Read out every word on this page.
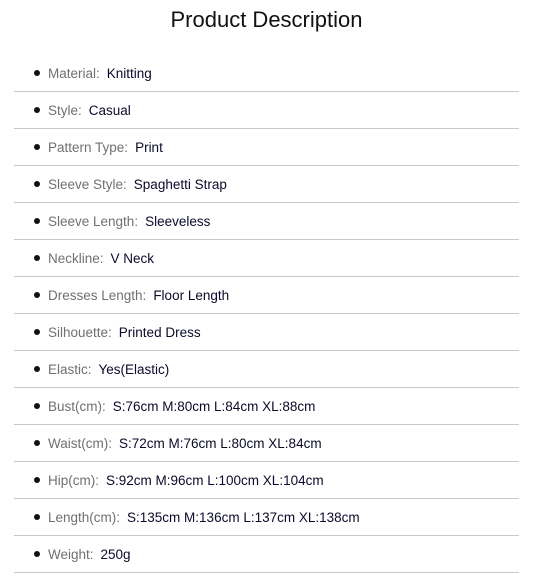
Product Description
Material: Knitting
Style: Casual
Pattern Type: Print
Sleeve Style: Spaghetti Strap
Sleeve Length: Sleeveless
Neckline: V Neck
Dresses Length: Floor Length
Silhouette: Printed Dress
Elastic: Yes(Elastic)
Bust(cm): S:76cm M:80cm L:84cm XL:88cm
Waist(cm): S:72cm M:76cm L:80cm XL:84cm
Hip(cm): S:92cm M:96cm L:100cm XL:104cm
Length(cm): S:135cm M:136cm L:137cm XL:138cm
Weight: 250g
